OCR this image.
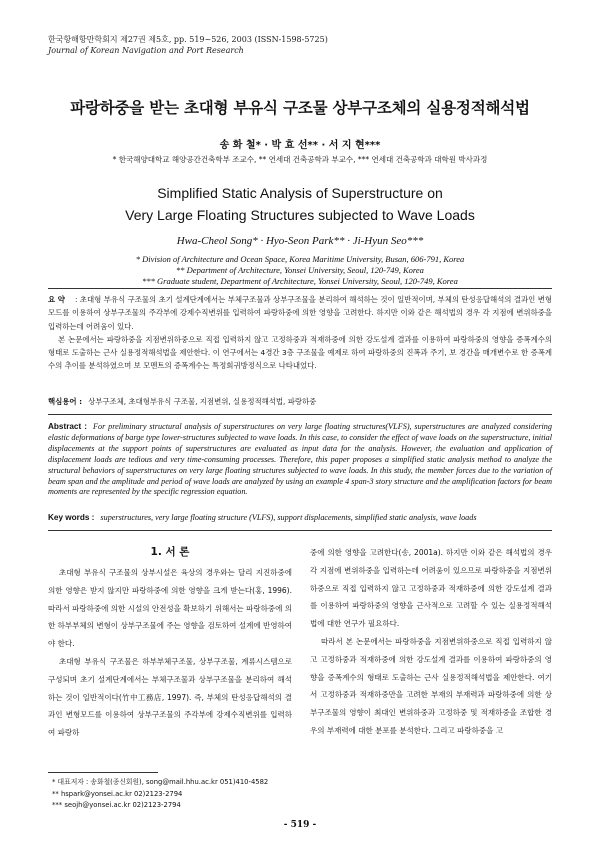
한국항해항만학회지 제27권 제5호, pp. 519~526, 2003 (ISSN-1598-5725)
Journal of Korean Navigation and Port Research
파랑하중을 받는 초대형 부유식 구조물 상부구조체의 실용정적해석법
송 화 철* · 박 효 선** · 서 지 현***
* 한국해양대학교 해양공간건축학부 조교수, ** 연세대 건축공학과 부교수, *** 연세대 건축공학과 대학원 박사과정
Simplified Static Analysis of Superstructure on
Very Large Floating Structures subjected to Wave Loads
Hwa-Cheol Song* · Hyo-Seon Park** · Ji-Hyun Seo***
* Division of Architecture and Ocean Space, Korea Maritime University, Busan, 606-791, Korea
** Department of Architecture, Yonsei University, Seoul, 120-749, Korea
*** Graduate student, Department of Architecture, Yonsei University, Seoul, 120-749, Korea

요 약 : 초대형 부유식 구조물의 초기 설계단계에서는 부체구조물과 상부구조물을 분리하여 해석하는 것이 일반적이며, 부체의 탄성응답해석의 결과인 변형모드를 이용하여 상부구조물의 주각부에 강제수직변위를 입력하여 파랑하중에 의한 영향을 고려한다. 하지만 이와 같은 해석법의 경우 각 지점에 변위하중을 입력하는데 어려움이 있다.

본 논문에서는 파랑하중을 지점변위하중으로 직접 입력하지 않고 고정하중과 적재하중에 의한 강도설계 결과를 이용하여 파랑하중의 영향을 증폭계수의 형태로 도출하는 근사 실용정적해석법을 제안한다. 이 연구에서는 4경간 3층 구조물을 예제로 하여 파랑하중의 진폭과 주기, 보 경간을 매개변수로 한 증폭계수의 추이를 분석하였으며 보 모멘트의 증폭계수는 특정회귀방정식으로 나타내었다.

핵심용어 : 상부구조체, 초대형부유식 구조물, 지점변위, 실용정적해석법, 파랑하중
Abstract : For preliminary structural analysis of superstructures on very large floating structures(VLFS), superstructures are analyzed considering elastic deformations of barge type lower-structures subjected to wave loads. In this case, to consider the effect of wave loads on the superstructure, initial displacements at the support points of superstructures are evaluated as input data for the analysis. However, the evaluation and application of displacement loads are tedious and very time-consuming processes. Therefore, this paper proposes a simplified static analysis method to analyze the structural behaviors of superstructures on very large floating structures subjected to wave loads. In this study, the member forces due to the variation of beam span and the amplitude and period of wave loads are analyzed by using an example 4 span-3 story structure and the amplification factors for beam moments are represented by the specific regression equation.
Key words : superstructures, very large floating structure (VLFS), support displacements, simplified static analysis, wave loads
1. 서 론

초대형 부유식 구조물의 상부시설은 육상의 경우와는 달리 지진하중에 의한 영향은 받지 않지만 파랑하중에 의한 영향을 크게 받는다(홍, 1996). 따라서 파랑하중에 의한 시설의 안전성을 확보하기 위해서는 파랑하중에 의한 하부부체의 변형이 상부구조물에 주는 영향을 검토하여 설계에 반영하여야 한다.

초대형 부유식 구조물은 하부부체구조물, 상부구조물, 계류시스템으로 구성되며 초기 설계단계에서는 부체구조물과 상부구조물을 분리하여 해석하는 것이 일반적이다(竹中工務店, 1997). 즉, 부체의 탄성응답해석의 결과인 변형모드를 이용하여 상부구조물의 주각부에 강제수직변위를 입력하여 파랑하

중에 의한 영향을 고려한다(송, 2001a). 하지만 이와 같은 해석법의 경우 각 지점에 변위하중을 입력하는데 어려움이 있으므로 파랑하중을 지점변위하중으로 직접 입력하지 않고 고정하중과 적재하중에 의한 강도설계 결과를 이용하여 파랑하중의 영향을 근사적으로 고려할 수 있는 실용정적해석법에 대한 연구가 필요하다.

따라서 본 논문에서는 파랑하중을 지점변위하중으로 직접 입력하지 않고 고정하중과 적재하중에 의한 강도설계 결과를 이용하여 파랑하중의 영향을 증폭계수의 형태로 도출하는 근사 실용정적해석법을 제안한다. 여기서 고정하중과 적재하중만을 고려한 부재의 부재력과 파랑하중에 의한 상부구조물의 영향이 최대인 변위하중과 고정하중 및 적재하중을 조합한 경우의 부재력에 대한 분포를 분석한다. 그리고 파랑하중을 고

* 대표저자 : 송화철(종신회원), song@mail.hhu.ac.kr 051)410-4582
** hspark@yonsei.ac.kr 02)2123-2794
*** seojh@yonsei.ac.kr 02)2123-2794
- 519 -
